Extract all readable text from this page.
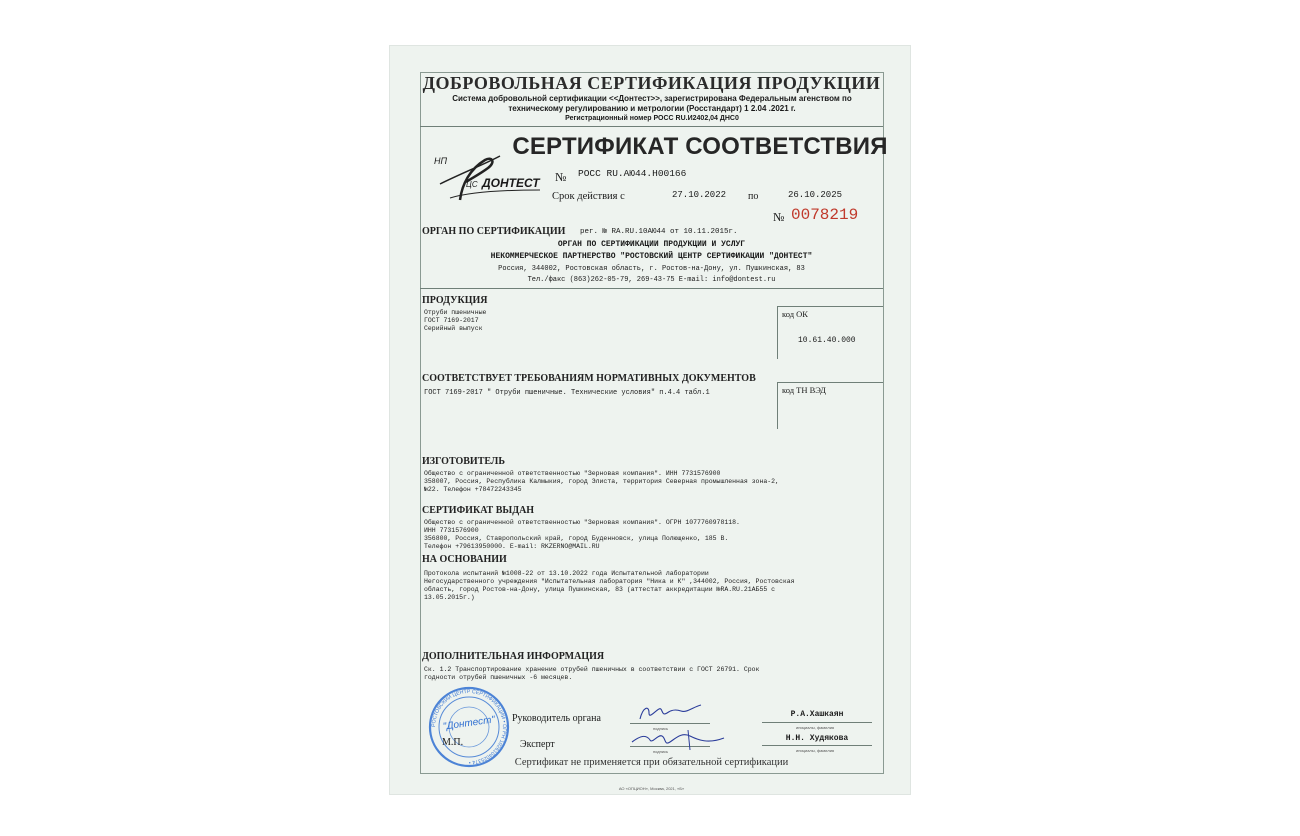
ДОБРОВОЛЬНАЯ СЕРТИФИКАЦИЯ ПРОДУКЦИИ
Система добровольной сертификации <<Донтест>>, зарегистрирована Федеральным агенством по
техническому регулированию и метрологии (Росстандарт) 1 2.04 .2021 г.
Регистрационный номер РОСС RU.И2402,04 ДНС0
НП
ЦС ДОНТЕСТ
СЕРТИФИКАТ СООТВЕТСТВИЯ
№ РОСС RU.АЮ44.Н00166
Срок действия с	27.10.2022 по	26.10.2025
№ 0078219
ОРГАН ПО СЕРТИФИКАЦИИ рег. № RA.RU.10АЮ44 от 10.11.2015г.
ОРГАН ПО СЕРТИФИКАЦИИ ПРОДУКЦИИ И УСЛУГ
НЕКОММЕРЧЕСКОЕ ПАРТНЕРСТВО "РОСТОВСКИЙ ЦЕНТР СЕРТИФИКАЦИИ "ДОНТЕСТ"
Россия, 344002, Ростовская область, г. Ростов-на-Дону, ул. Пушкинская, 83
Тел./факс (863)262-05-79, 269-43-75 E-mail: info@dontest.ru
ПРОДУКЦИЯ
Отруби пшеничные
ГОСТ 7169-2017
Серийный выпуск
код ОК
10.61.40.000
СООТВЕТСТВУЕТ ТРЕБОВАНИЯМ НОРМАТИВНЫХ ДОКУМЕНТОВ
ГОСТ 7169-2017 " Отруби пшеничные. Технические условия" п.4.4 табл.1	код ТН ВЭД
ИЗГОТОВИТЕЛЬ
Общество с ограниченной ответственностью "Зерновая компания". ИНН 7731576900
358007, Россия, Республика Калмыкия, город Элиста, территория Северная промышленная зона-2,
№22. Телефон +78472243345
СЕРТИФИКАТ ВЫДАН
Общество с ограниченной ответственностью "Зерновая компания". ОГРН 1077760978118.
ИНН 7731576900
356800, Россия, Ставропольский край, город Буденновск, улица Полющенко, 185 В.
Телефон +79613950000. E-mail: RKZERNO@MAIL.RU
НА ОСНОВАНИИ
Протокола испытаний №1008-22 от 13.10.2022 года Испытательной лаборатории
Негосударственного учреждения "Испытательная лаборатория "Ника и К" ,344002, Россия, Ростовская
область, город Ростов-на-Дону, улица Пушкинская, 83 (аттестат аккредитации №RA.RU.21АБ55 с
13.05.2015г.)
ДОПОЛНИТЕЛЬНАЯ ИНФОРМАЦИЯ
Ск. 1.2 Транспортирование хранение отрубей пшеничных в соответствии с ГОСТ 26791. Срок
годности отрубей пшеничных -6 месяцев.
РОСТОВСКИЙ ЦЕНТР СЕРТИФИКАЦИИ • ОГРН 1026104025374 •
"Донтест"
М.П.
Руководитель органа
подпись
Р.А.Хашкаян
инициалы, фамилия
Эксперт
подпись
Н.Н. Худякова
инициалы, фамилия
Сертификат не применяется при обязательной сертификации
АО «ОПЦИОН», Москва, 2021, «Б»
